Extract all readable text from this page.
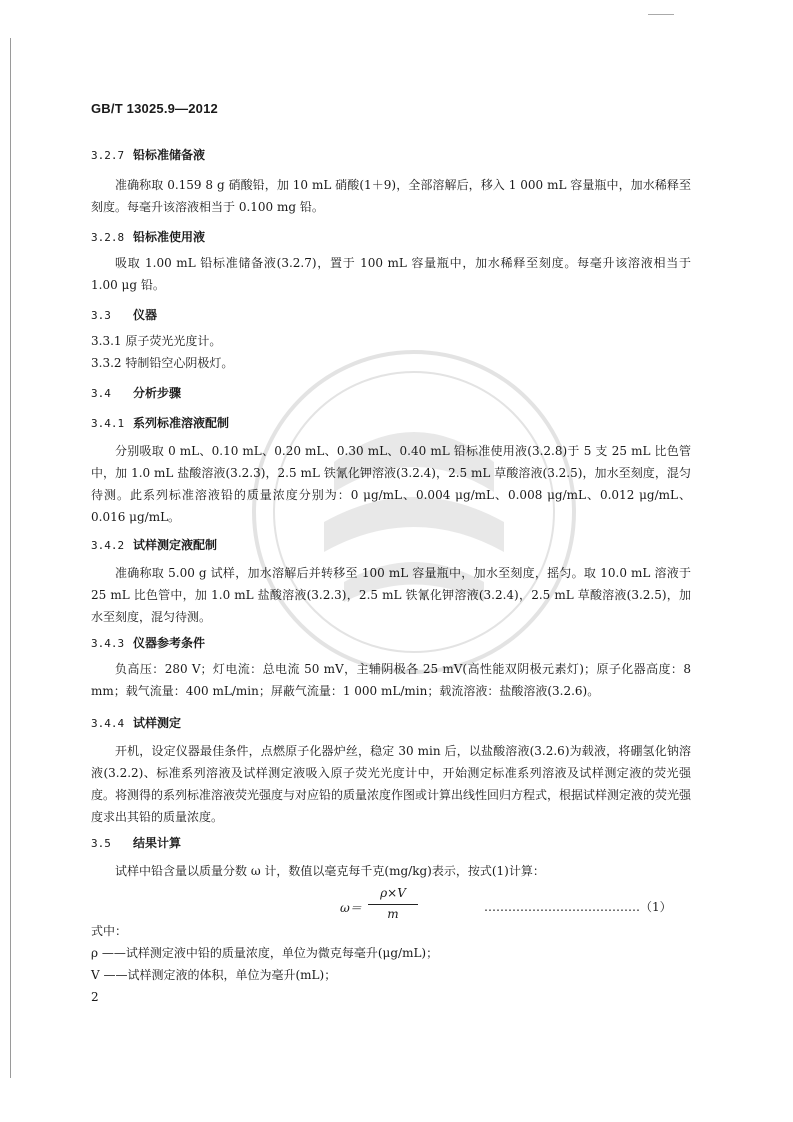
GB/T 13025.9—2012
3.2.7 铅标准储备液
准确称取 0.159 8 g 硝酸铅，加 10 mL 硝酸(1＋9)，全部溶解后，移入 1 000 mL 容量瓶中，加水稀释至刻度。每毫升该溶液相当于 0.100 mg 铅。
3.2.8 铅标准使用液
吸取 1.00 mL 铅标准储备液(3.2.7)，置于 100 mL 容量瓶中，加水稀释至刻度。每毫升该溶液相当于 1.00 μg 铅。
3.3 仪器
3.3.1 原子荧光光度计。
3.3.2 特制铅空心阴极灯。
3.4 分析步骤
3.4.1 系列标准溶液配制
分别吸取 0 mL、0.10 mL、0.20 mL、0.30 mL、0.40 mL 铅标准使用液(3.2.8)于 5 支 25 mL 比色管中，加 1.0 mL 盐酸溶液(3.2.3)，2.5 mL 铁氰化钾溶液(3.2.4)，2.5 mL 草酸溶液(3.2.5)，加水至刻度，混匀待测。此系列标准溶液铅的质量浓度分别为：0 μg/mL、0.004 μg/mL、0.008 μg/mL、0.012 μg/mL、0.016 μg/mL。
3.4.2 试样测定液配制
准确称取 5.00 g 试样，加水溶解后并转移至 100 mL 容量瓶中，加水至刻度，摇匀。取 10.0 mL 溶液于 25 mL 比色管中，加 1.0 mL 盐酸溶液(3.2.3)，2.5 mL 铁氰化钾溶液(3.2.4)，2.5 mL 草酸溶液(3.2.5)，加水至刻度，混匀待测。
3.4.3 仪器参考条件
负高压：280 V；灯电流：总电流 50 mV，主辅阴极各 25 mV(高性能双阴极元素灯)；原子化器高度：8 mm；载气流量：400 mL/min；屏蔽气流量：1 000 mL/min；载流溶液：盐酸溶液(3.2.6)。
3.4.4 试样测定
开机，设定仪器最佳条件，点燃原子化器炉丝，稳定 30 min 后，以盐酸溶液(3.2.6)为载液，将硼氢化钠溶液(3.2.2)、标准系列溶液及试样测定液吸入原子荧光光度计中，开始测定标准系列溶液及试样测定液的荧光强度。将测得的系列标准溶液荧光强度与对应铅的质量浓度作图或计算出线性回归方程式，根据试样测定液的荧光强度求出其铅的质量浓度。
3.5 结果计算
试样中铅含量以质量分数 ω 计，数值以毫克每千克(mg/kg)表示，按式(1)计算：
ω＝
ρ×V
m	…………………………………（1）
式中：
ρ ——试样测定液中铅的质量浓度，单位为微克每毫升(μg/mL)；
V ——试样测定液的体积，单位为毫升(mL)；
2
